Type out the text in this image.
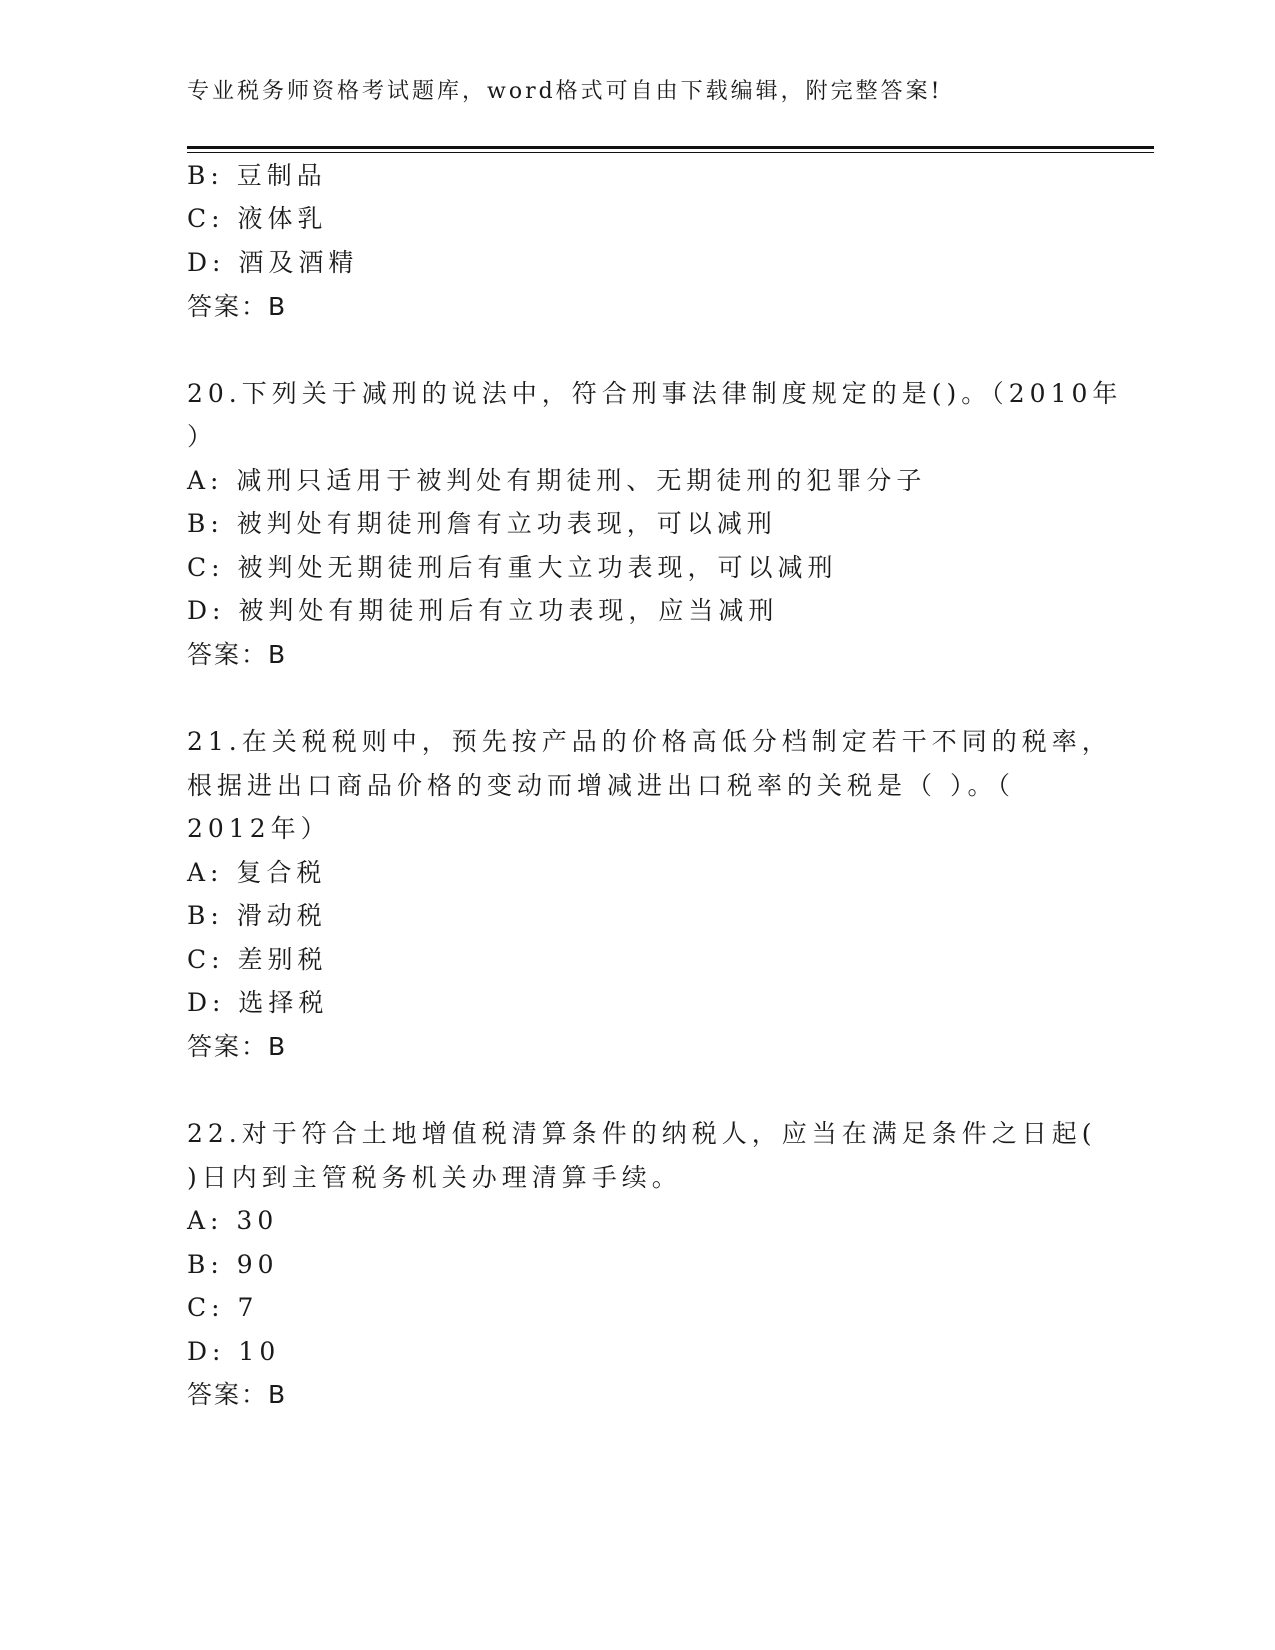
专业税务师资格考试题库，word格式可自由下载编辑，附完整答案!
B: 豆制品
C: 液体乳
D: 酒及酒精
答案：B
20.下列关于减刑的说法中，符合刑事法律制度规定的是()。（2010年
）
A: 减刑只适用于被判处有期徒刑、无期徒刑的犯罪分子
B: 被判处有期徒刑詹有立功表现，可以减刑
C: 被判处无期徒刑后有重大立功表现，可以减刑
D: 被判处有期徒刑后有立功表现，应当减刑
答案：B
21.在关税税则中，预先按产品的价格高低分档制定若干不同的税率，
根据进出口商品价格的变动而增减进出口税率的关税是（ ）。（
2012年）
A: 复合税
B: 滑动税
C: 差别税
D: 选择税
答案：B
22.对于符合土地增值税清算条件的纳税人，应当在满足条件之日起(
)日内到主管税务机关办理清算手续。
A: 30
B: 90
C: 7
D: 10
答案：B
